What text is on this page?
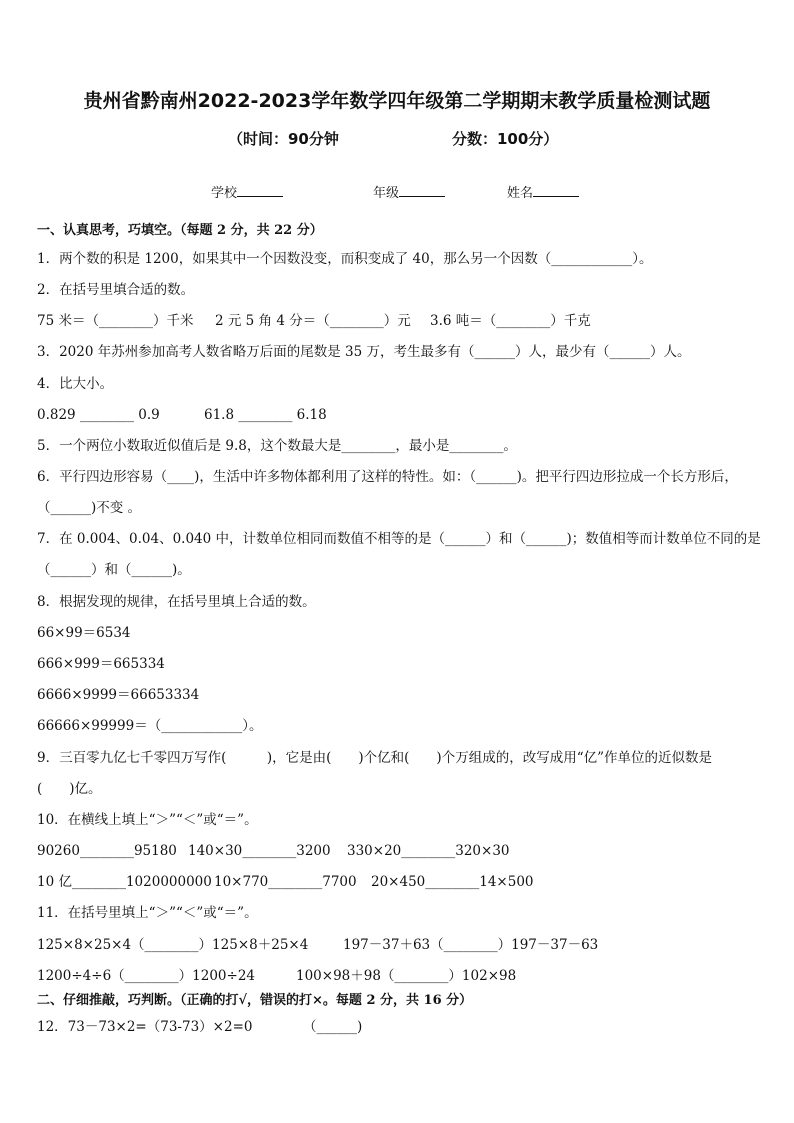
贵州省黔南州2022-2023学年数学四年级第二学期期末教学质量检测试题
（时间：90分钟	分数：100分）
学校	年级	姓名
一、认真思考，巧填空。（每题 2 分，共 22 分）
1．两个数的积是 1200，如果其中一个因数没变，而积变成了 40，那么另一个因数（____________）。
2．在括号里填合适的数。
75 米＝（________）千米 2 元 5 角 4 分＝（________）元 3.6 吨＝（________）千克
3．2020 年苏州参加高考人数省略万后面的尾数是 35 万，考生最多有（______）人，最少有（______）人。
4．比大小。
0.829 ________ 0.9	61.8 ________ 6.18
5．一个两位小数取近似值后是 9.8，这个数最大是________，最小是________。
6．平行四边形容易（____)，生活中许多物体都利用了这样的特性。如：（______)。把平行四边形拉成一个长方形后，
（______)不变 。
7．在 0.004、0.04、0.040 中，计数单位相同而数值不相等的是（______）和（______)；数值相等而计数单位不同的是
（______）和（______)。
8．根据发现的规律，在括号里填上合适的数。
66×99＝6534
666×999＝665334
6666×9999＝66653334
66666×99999＝（____________）。
9．三百零九亿七千零四万写作(　　　)，它是由(　　)个亿和(　　)个万组成的，改写成用“亿”作单位的近似数是
(　　)亿。
10．在横线上填上“＞”“＜”或“＝”。
90260________95180 140×30________3200 330×20________320×30
10 亿________1020000000 10×770________7700 20×450________14×500
11．在括号里填上“＞”“＜”或“＝”。
125×8×25×4（________）125×8＋25×4	197－37＋63（________）197－37－63
1200÷4÷6（________）1200÷24	100×98＋98（________）102×98
二、仔细推敲，巧判断。（正确的打√，错误的打×。每题 2 分，共 16 分）
12．73－73×2=（73-73）×2=0	（______)
